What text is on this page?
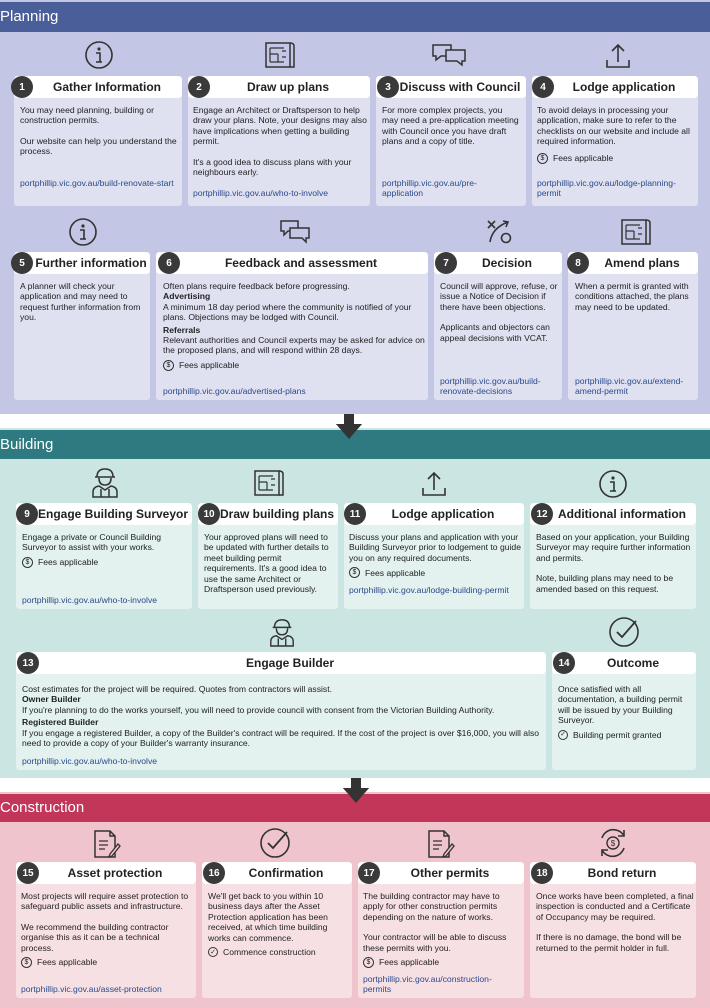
Planning
Gather Information
1

You may need planning, building or construction permits.

Our website can help you understand the process.

portphillip.vic.gov.au/build-renovate-start
Draw up plans
2

Engage an Architect or Draftsperson to help draw your plans. Note, your designs may also have implications when getting a building permit.

It's a good idea to discuss plans with your neighbours early.

portphillip.vic.gov.au/who-to-involve
Discuss with Council
3

For more complex projects, you may need a pre-application meeting with Council once you have draft plans and a copy of title.

portphillip.vic.gov.au/pre-application
Lodge application
4

To avoid delays in processing your application, make sure to refer to the checklists on our website and include all required information.

$ Fees applicable
portphillip.vic.gov.au/lodge-planning-permit
Further information
5

A planner will check your application and may need to request further information from you.

Feedback and assessment
6

Often plans require feedback before progressing.

Advertising

A minimum 18 day period where the community is notified of your plans. Objections may be lodged with Council.

Referrals

Relevant authorities and Council experts may be asked for advice on the proposed plans, and will respond within 28 days.

$ Fees applicable
portphillip.vic.gov.au/advertised-plans
Decision
7

Council will approve, refuse, or issue a Notice of Decision if there have been objections.

Applicants and objectors can appeal decisions with VCAT.

portphillip.vic.gov.au/build-renovate-decisions
Amend plans
8

When a permit is granted with conditions attached, the plans may need to be updated.

portphillip.vic.gov.au/extend-amend-permit
Building
Engage Building Surveyor
9

Engage a private or Council Building Surveyor to assist with your works.

$ Fees applicable
portphillip.vic.gov.au/who-to-involve
Draw building plans
10

Your approved plans will need to be updated with further details to meet building permit requirements. It's a good idea to use the same Architect or Draftsperson used previously.

Lodge application
11

Discuss your plans and application with your Building Surveyor prior to lodgement to guide you on any required documents.

$ Fees applicable
portphillip.vic.gov.au/lodge-building-permit
Additional information
12

Based on your application, your Building Surveyor may require further information and permits.

Note, building plans may need to be amended based on this request.

Engage Builder
13

Cost estimates for the project will be required. Quotes from contractors will assist.

Owner Builder

If you're planning to do the works yourself, you will need to provide council with consent from the Victorian Building Authority.

Registered Builder

If you engage a registered Builder, a copy of the Builder's contract will be required. If the cost of the project is over $16,000, you will also need to provide a copy of your Builder's warranty insurance.

portphillip.vic.gov.au/who-to-involve
Outcome
14

Once satisfied with all documentation, a building permit will be issued by your Building Surveyor.

✓ Building permit granted
Construction
$
Asset protection
15

Most projects will require asset protection to safeguard public assets and infrastructure.

We recommend the building contractor organise this as it can be a technical process.

$ Fees applicable
portphillip.vic.gov.au/asset-protection
Confirmation
16

We'll get back to you within 10 business days after the Asset Protection application has been received, at which time building works can commence.

✓ Commence construction
Other permits
17

The building contractor may have to apply for other construction permits depending on the nature of works.

Your contractor will be able to discuss these permits with you.

$ Fees applicable
portphillip.vic.gov.au/construction-permits
Bond return
18

Once works have been completed, a final inspection is conducted and a Certificate of Occupancy may be required.

If there is no damage, the bond will be returned to the permit holder in full.
